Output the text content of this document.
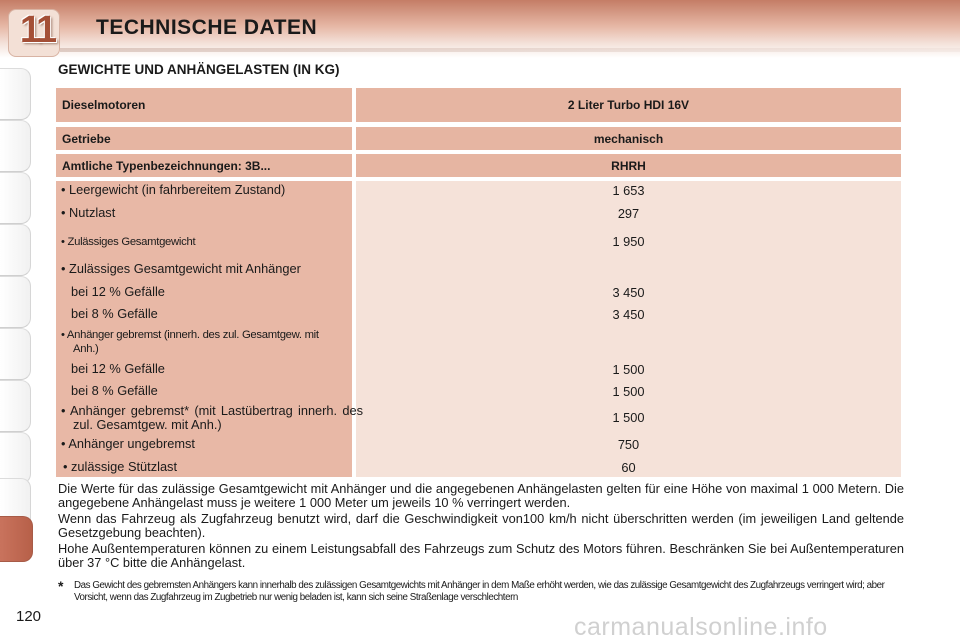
11 TECHNISCHE DATEN
GEWICHTE UND ANHÄNGELASTEN (IN KG)
Dieselmotoren	2 Liter Turbo HDI 16V
Getriebe	mechanisch
Amtliche Typenbezeichnungen: 3B...	RHRH
• Leergewicht (in fahrbereitem Zustand)	1 653
• Nutzlast	297
• Zulässiges Gesamtgewicht	1 950
• Zulässiges Gesamtgewicht mit Anhänger
bei 12 % Gefälle	3 450
bei 8 % Gefälle	3 450
• Anhänger gebremst (innerh. des zul. Gesamtgew. mit Anh.)
bei 12 % Gefälle	1 500
bei 8 % Gefälle	1 500
• Anhänger gebremst* (mit Lastübertrag innerh. des zul. Gesamtgew. mit Anh.)	1 500
• Anhänger ungebremst	750
• zulässige Stützlast	60
Die Werte für das zulässige Gesamtgewicht mit Anhänger und die angegebenen Anhängelasten gelten für eine Höhe von maximal 1 000 Metern. Die angegebene Anhängelast muss je weitere 1 000 Meter um jeweils 10 % verringert werden.
Wenn das Fahrzeug als Zugfahrzeug benutzt wird, darf die Geschwindigkeit von100 km/h nicht überschritten werden (im jeweiligen Land geltende Gesetzgebung beachten).
Hohe Außentemperaturen können zu einem Leistungsabfall des Fahrzeugs zum Schutz des Motors führen. Beschränken Sie bei Außentemperaturen über 37 °C bitte die Anhängelast.
* Das Gewicht des gebremsten Anhängers kann innerhalb des zulässigen Gesamtgewichts mit Anhänger in dem Maße erhöht werden, wie das zulässige Gesamtgewicht des Zugfahrzeugs verringert wird; aber Vorsicht, wenn das Zugfahrzeug im Zugbetrieb nur wenig beladen ist, kann sich seine Straßenlage verschlechtern
120	carmanualsonline.info
